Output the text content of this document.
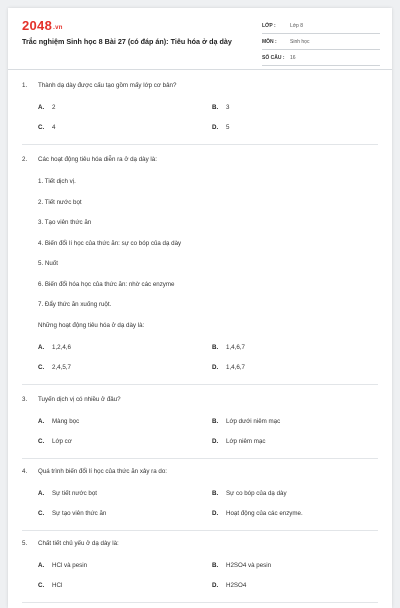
2048.vn
Trắc nghiệm Sinh học 8 Bài 27 (có đáp án): Tiêu hóa ở dạ dày
LỚP :	Lớp 8
MÔN :	Sinh học
SỐ CÂU :	16
1. Thành dạ dày được cấu tạo gồm mấy lớp cơ bản?
A. 2	B. 3
C. 4	D. 5
2. Các hoạt động tiêu hóa diễn ra ở dạ dày là:
1. Tiết dịch vị.
2. Tiết nước bọt
3. Tạo viên thức ăn
4. Biến đổi lí học của thức ăn: sự co bóp của dạ dày
5. Nuốt
6. Biến đổi hóa học của thức ăn: nhờ các enzyme
7. Đẩy thức ăn xuống ruột.
Những hoạt động tiêu hóa ở dạ dày là:
A. 1,2,4,6	B. 1,4,6,7
C. 2,4,5,7	D. 1,4,6,7
3. Tuyến dịch vị có nhiều ở đâu?
A. Màng bọc	B. Lớp dưới niêm mạc
C. Lớp cơ	D. Lớp niêm mạc
4. Quá trình biến đổi lí học của thức ăn xảy ra do:
A. Sự tiết nước bọt	B. Sự co bóp của dạ dày
C. Sự tạo viên thức ăn	D. Hoạt động của các enzyme.
5. Chất tiết chủ yếu ở dạ dày là:
A. HCl và pesin	B. H2SO4 và pesin
C. HCl	D. H2SO4
